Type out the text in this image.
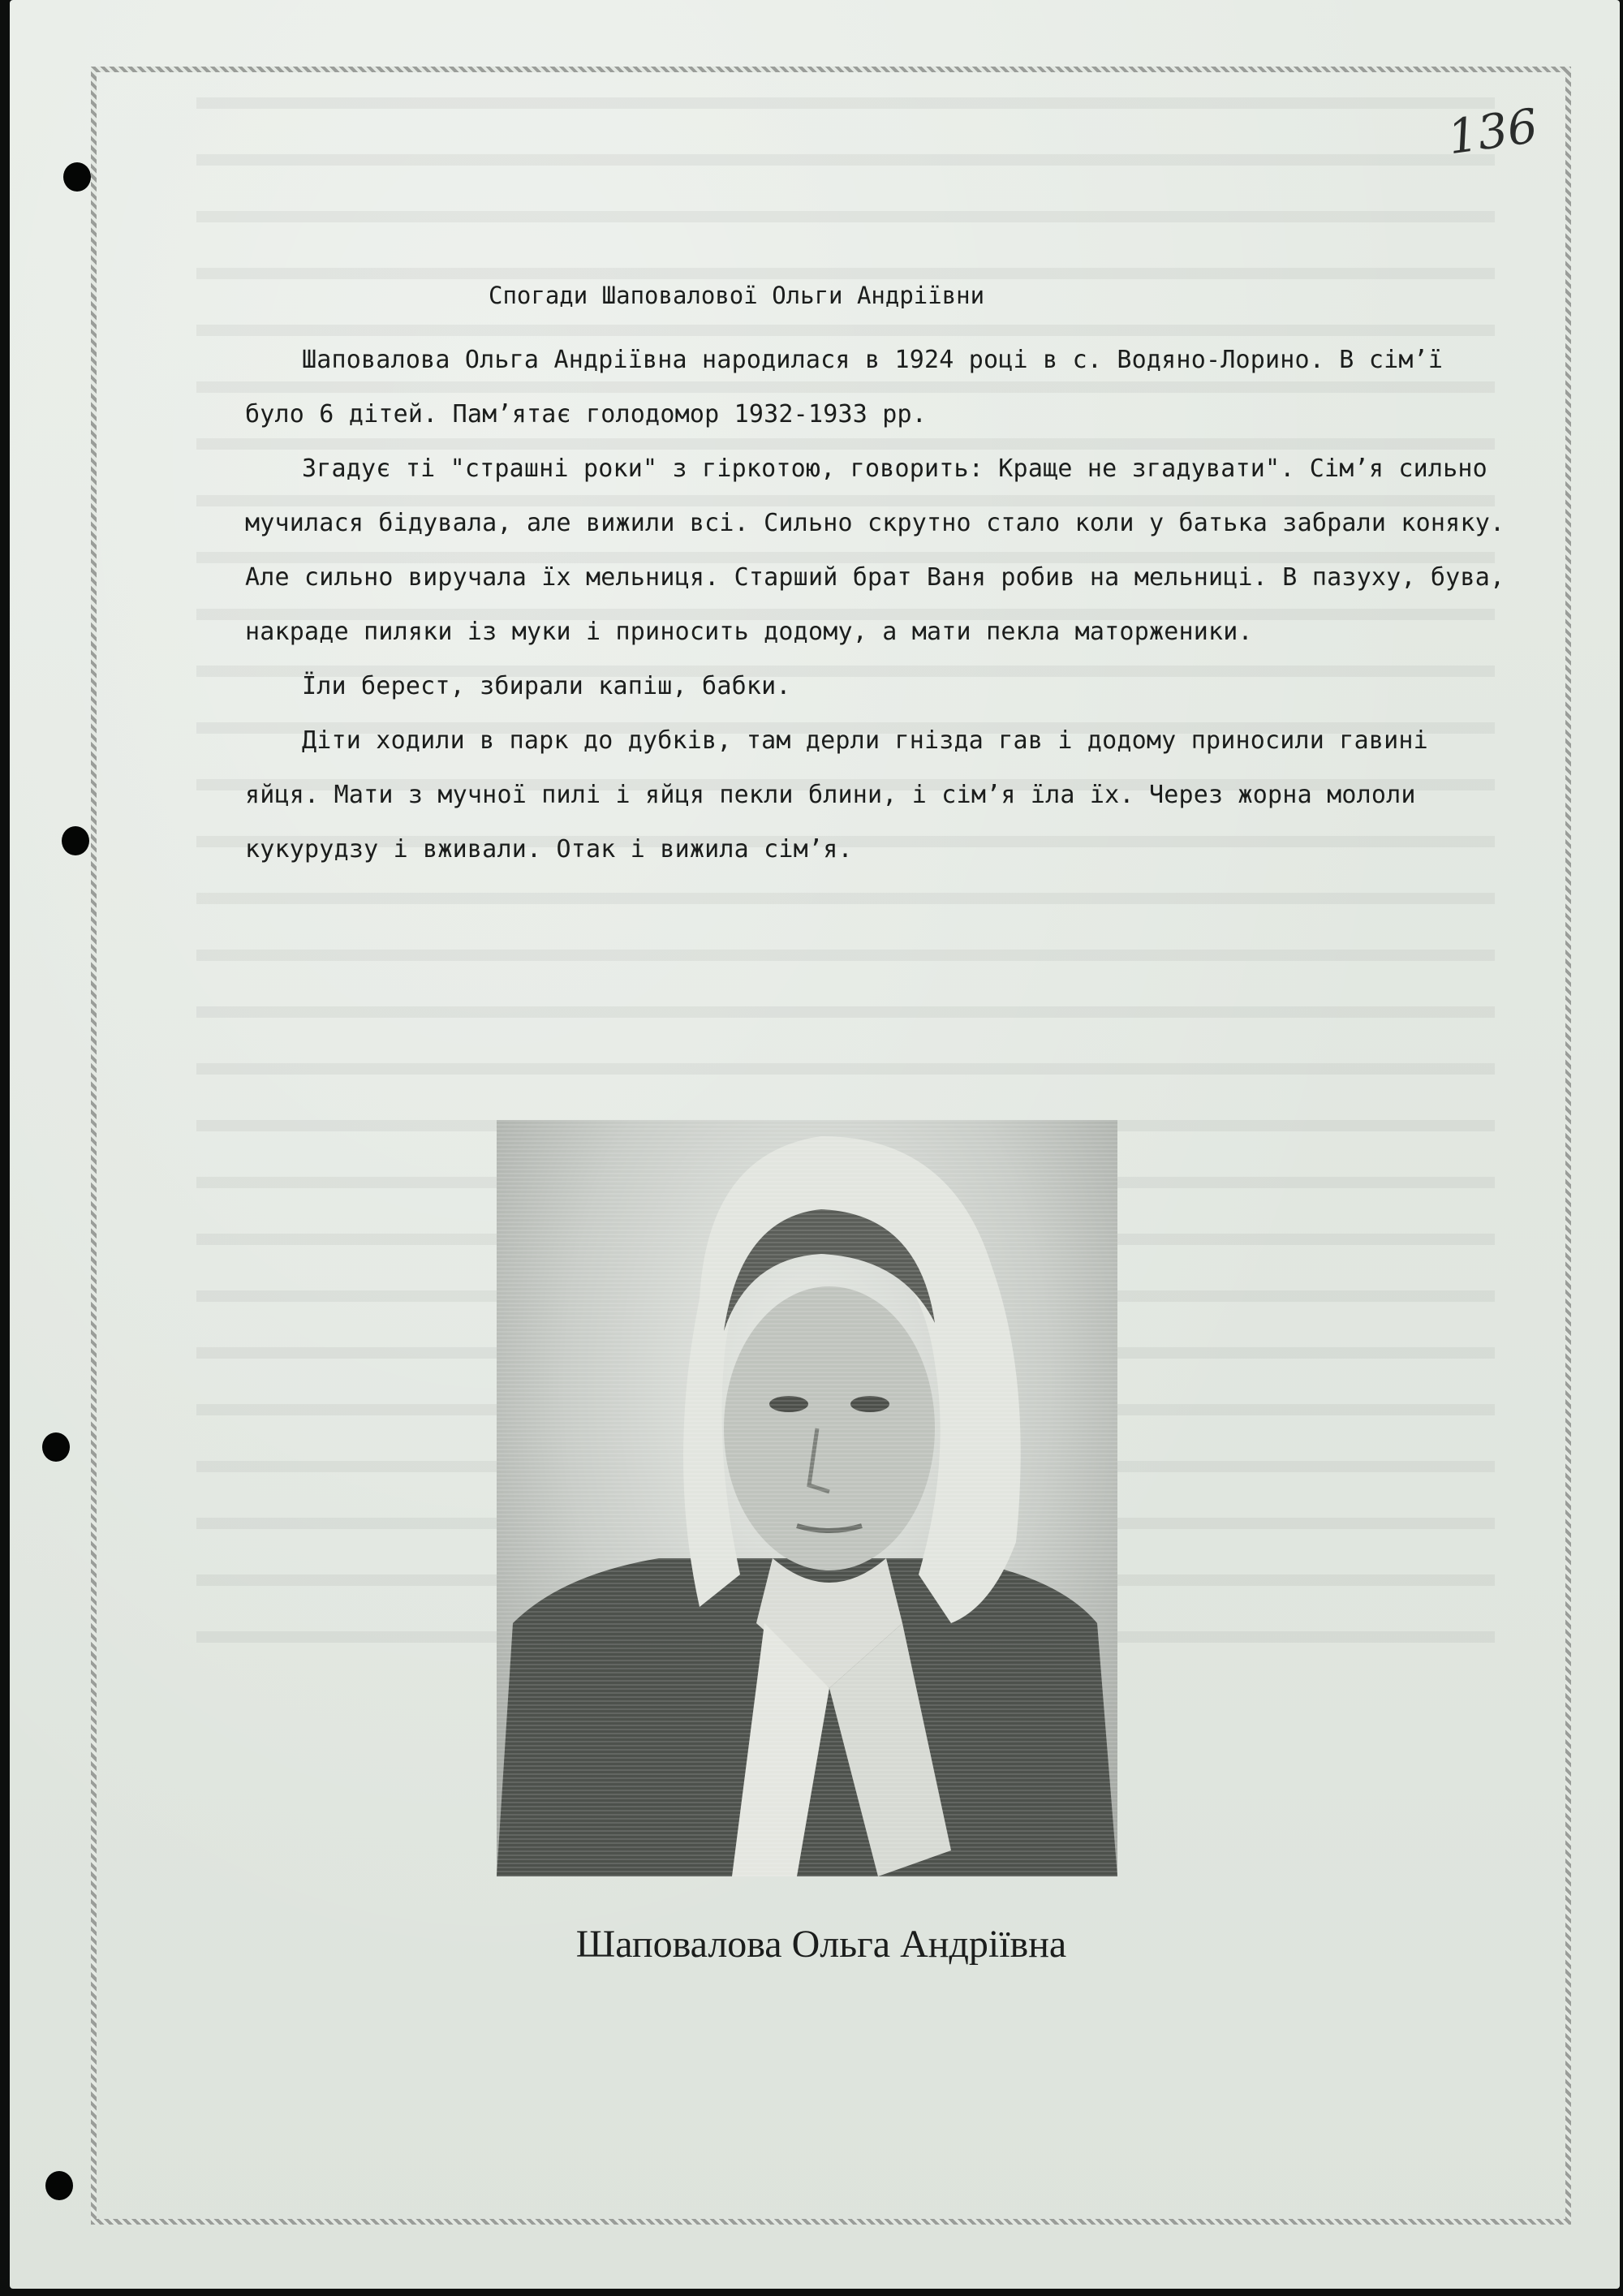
136
Спогади Шаповалової Ольги Андріївни

Шаповалова Ольга Андріївна народилася в 1924 році в с. Водяно-Лорино. В сім’ї було 6 дітей. Пам’ятає голодомор 1932-1933 рр.

Згадує ті "страшні роки" з гіркотою, говорить: Краще не згадувати". Сім’я сильно мучилася бідувала, але вижили всі. Сильно скрутно стало коли у батька забрали коняку. Але сильно виручала їх мельниця. Старший брат Ваня робив на мельниці. В пазуху, бува, накраде пиляки із муки і приносить додому, а мати пекла маторженики.

Їли берест, збирали капіш, бабки.

Діти ходили в парк до дубків, там дерли гнізда гав і додому приносили гавині яйця. Мати з мучної пилі і яйця пекли блини, і сім’я їла їх. Через жорна мололи кукурудзу і вживали. Отак і вижила сім’я.

Шаповалова Ольга Андріївна
